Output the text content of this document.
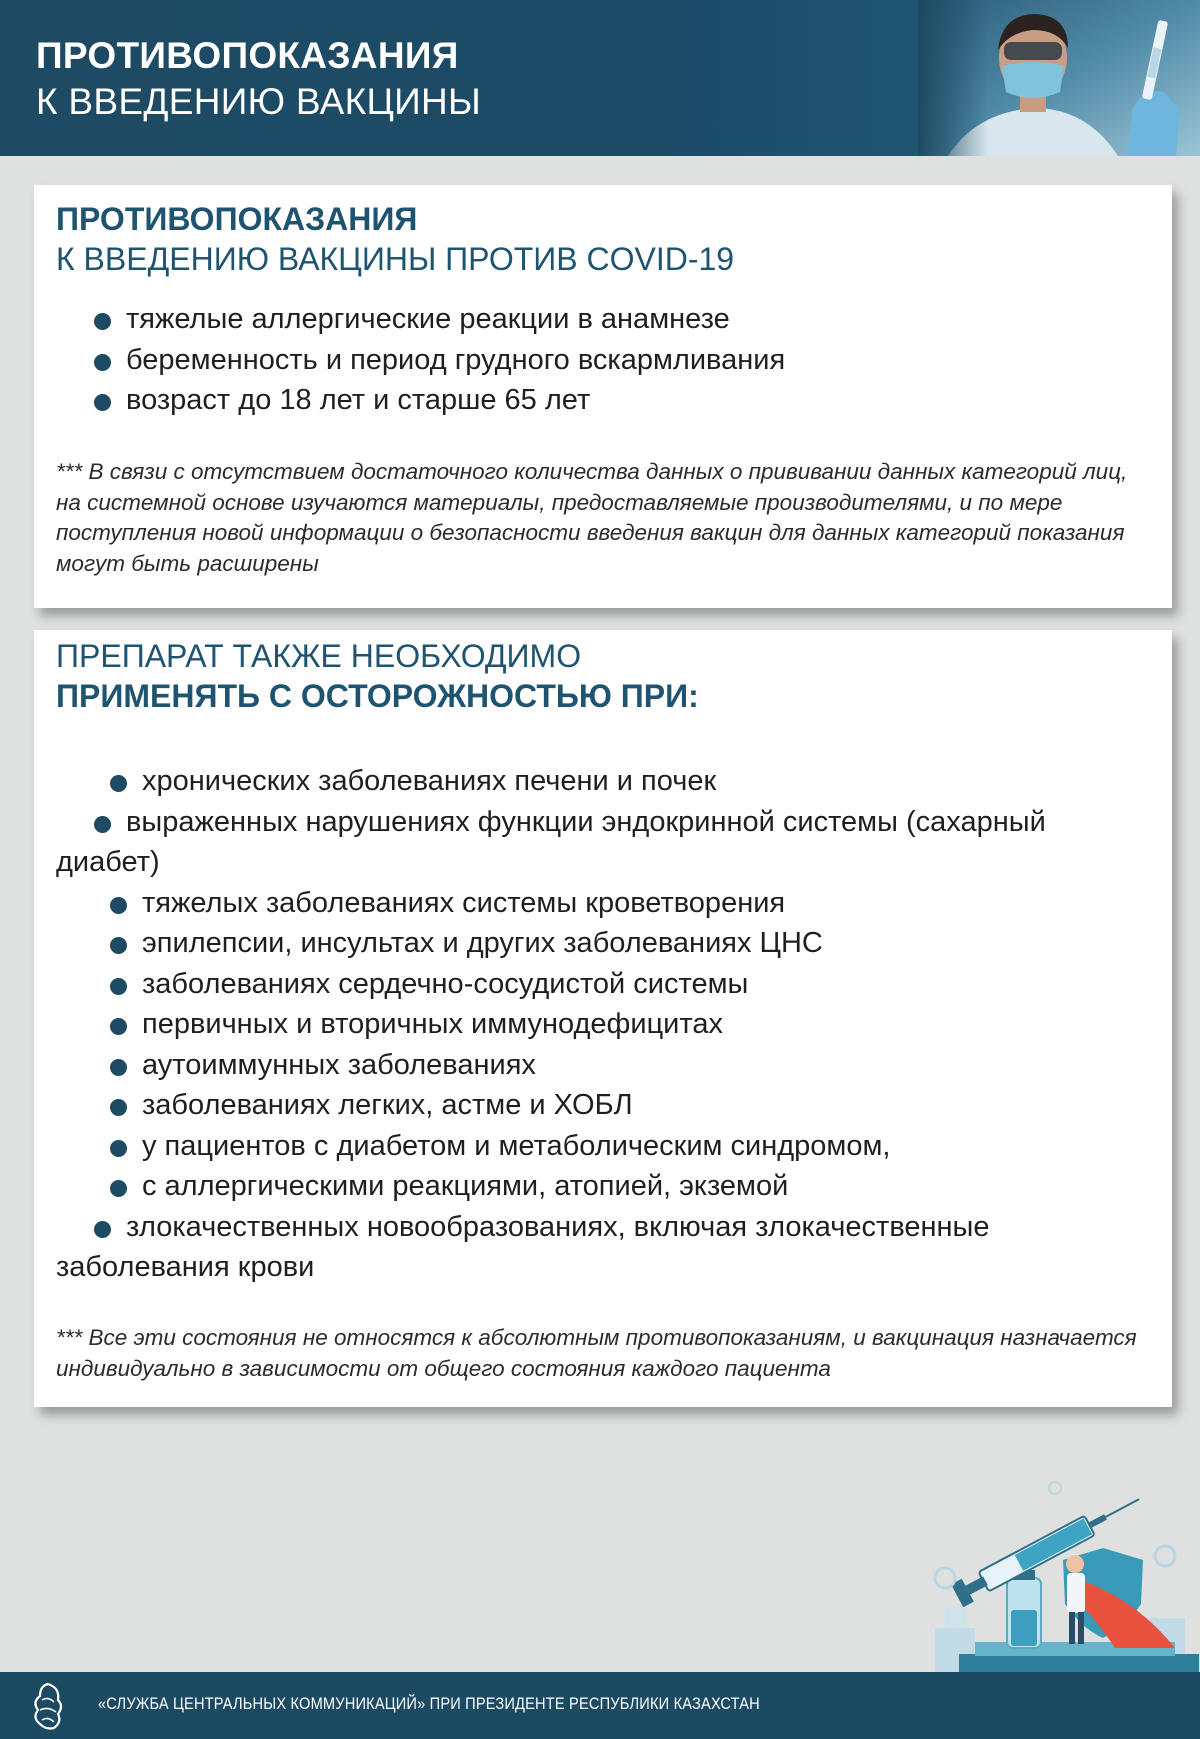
ПРОТИВОПОКАЗАНИЯ
К ВВЕДЕНИЮ ВАКЦИНЫ
ПРОТИВОПОКАЗАНИЯ
К ВВЕДЕНИЮ ВАКЦИНЫ ПРОТИВ COVID-19
тяжелые аллергические реакции в анамнезе
беременность и период грудного вскармливания
возраст до 18 лет и старше 65 лет
*** В связи с отсутствием достаточного количества данных о прививании данных категорий лиц, на системной основе изучаются материалы, предоставляемые производителями, и по мере поступления новой информации о безопасности введения вакцин для данных категорий показания могут быть расширены
ПРЕПАРАТ ТАКЖЕ НЕОБХОДИМО
ПРИМЕНЯТЬ С ОСТОРОЖНОСТЬЮ ПРИ:
хронических заболеваниях печени и почек
выраженных нарушениях функции эндокринной системы (сахарный диабет)
тяжелых заболеваниях системы кроветворения
эпилепсии, инсультах и других заболеваниях ЦНС
заболеваниях сердечно-сосудистой системы
первичных и вторичных иммунодефицитах
аутоиммунных заболеваниях
заболеваниях легких, астме и ХОБЛ
у пациентов с диабетом и метаболическим синдромом,
с аллергическими реакциями, атопией, экземой
злокачественных новообразованиях, включая злокачественные заболевания крови
*** Все эти состояния не относятся к абсолютным противопоказаниям, и вакцинация назначается индивидуально в зависимости от общего состояния каждого пациента
«СЛУЖБА ЦЕНТРАЛЬНЫХ КОММУНИКАЦИЙ» ПРИ ПРЕЗИДЕНТЕ РЕСПУБЛИКИ КАЗАХСТАН
